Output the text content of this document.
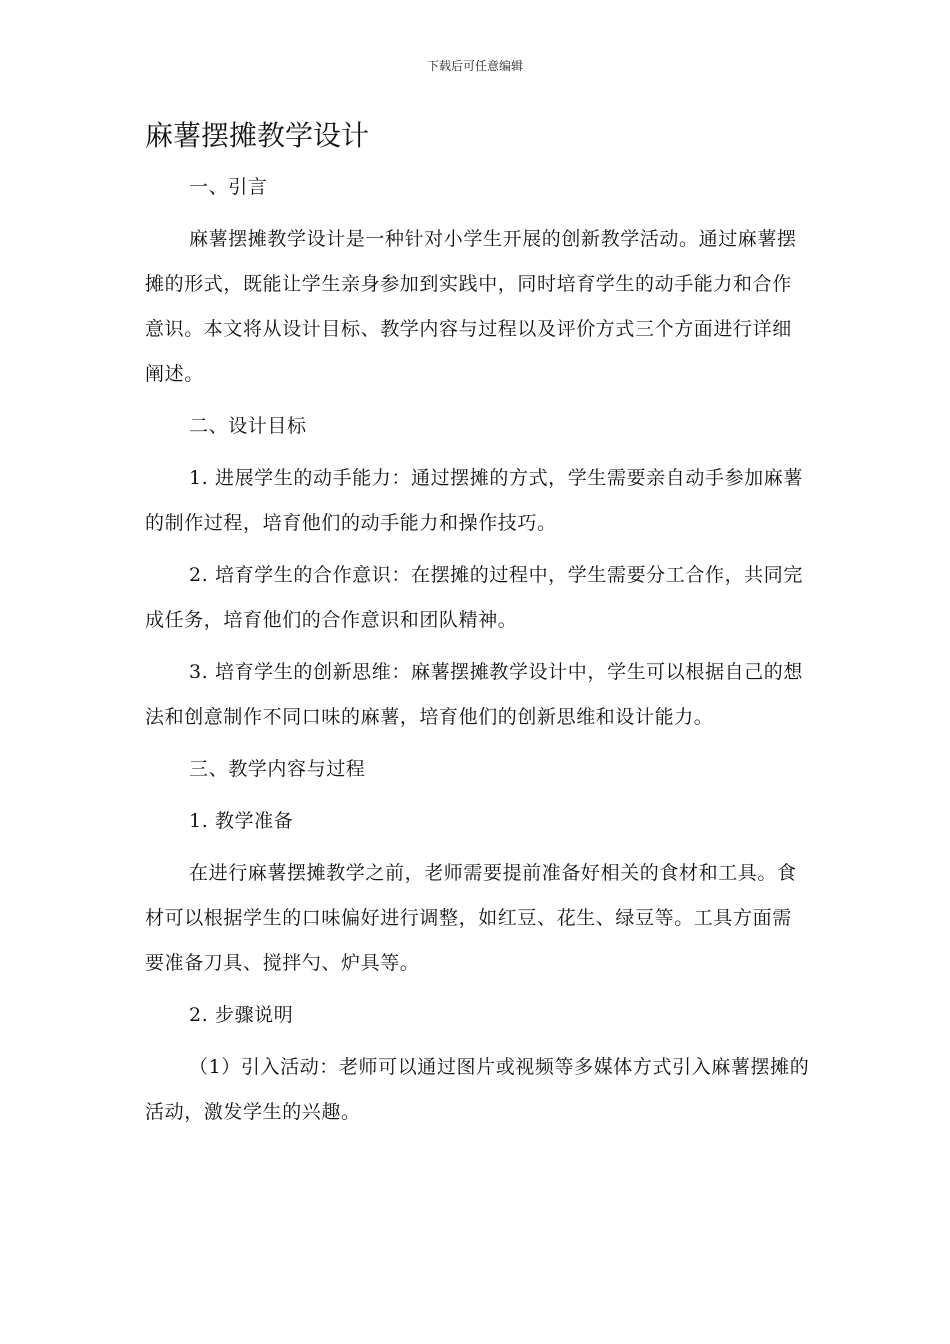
下载后可任意编辑

麻薯摆摊教学设计

一、引言

麻薯摆摊教学设计是一种针对小学生开展的创新教学活动。通过麻薯摆摊的形式，既能让学生亲身参加到实践中，同时培育学生的动手能力和合作意识。本文将从设计目标、教学内容与过程以及评价方式三个方面进行详细阐述。

二、设计目标

1. 进展学生的动手能力：通过摆摊的方式，学生需要亲自动手参加麻薯的制作过程，培育他们的动手能力和操作技巧。

2. 培育学生的合作意识：在摆摊的过程中，学生需要分工合作，共同完成任务，培育他们的合作意识和团队精神。

3. 培育学生的创新思维：麻薯摆摊教学设计中，学生可以根据自己的想法和创意制作不同口味的麻薯，培育他们的创新思维和设计能力。

三、教学内容与过程

1. 教学准备

在进行麻薯摆摊教学之前，老师需要提前准备好相关的食材和工具。食材可以根据学生的口味偏好进行调整，如红豆、花生、绿豆等。工具方面需要准备刀具、搅拌勺、炉具等。

2. 步骤说明

（1）引入活动：老师可以通过图片或视频等多媒体方式引入麻薯摆摊的活动，激发学生的兴趣。
